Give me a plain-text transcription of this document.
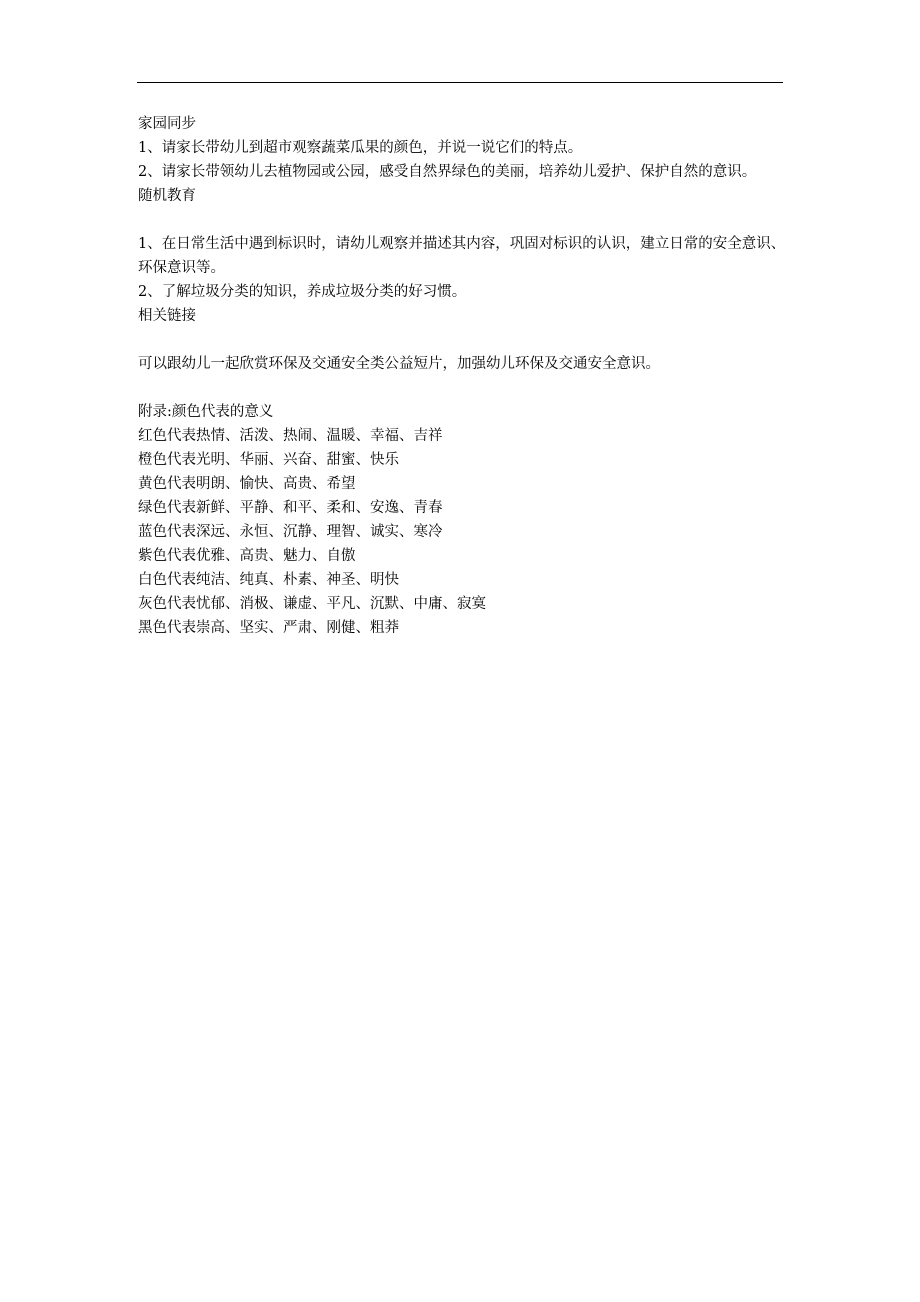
家园同步
1、请家长带幼儿到超市观察蔬菜瓜果的颜色，并说一说它们的特点。
2、请家长带领幼儿去植物园或公园，感受自然界绿色的美丽，培养幼儿爱护、保护自然的意识。
随机教育
1、在日常生活中遇到标识时，请幼儿观察并描述其内容，巩固对标识的认识，建立日常的安全意识、环保意识等。
2、了解垃圾分类的知识，养成垃圾分类的好习惯。
相关链接
可以跟幼儿一起欣赏环保及交通安全类公益短片，加强幼儿环保及交通安全意识。
附录:颜色代表的意义
红色代表热情、活泼、热闹、温暖、幸福、吉祥
橙色代表光明、华丽、兴奋、甜蜜、快乐
黄色代表明朗、愉快、高贵、希望
绿色代表新鲜、平静、和平、柔和、安逸、青春
蓝色代表深远、永恒、沉静、理智、诚实、寒冷
紫色代表优雅、高贵、魅力、自傲
白色代表纯洁、纯真、朴素、神圣、明快
灰色代表忧郁、消极、谦虚、平凡、沉默、中庸、寂寞
黑色代表崇高、坚实、严肃、刚健、粗莽
